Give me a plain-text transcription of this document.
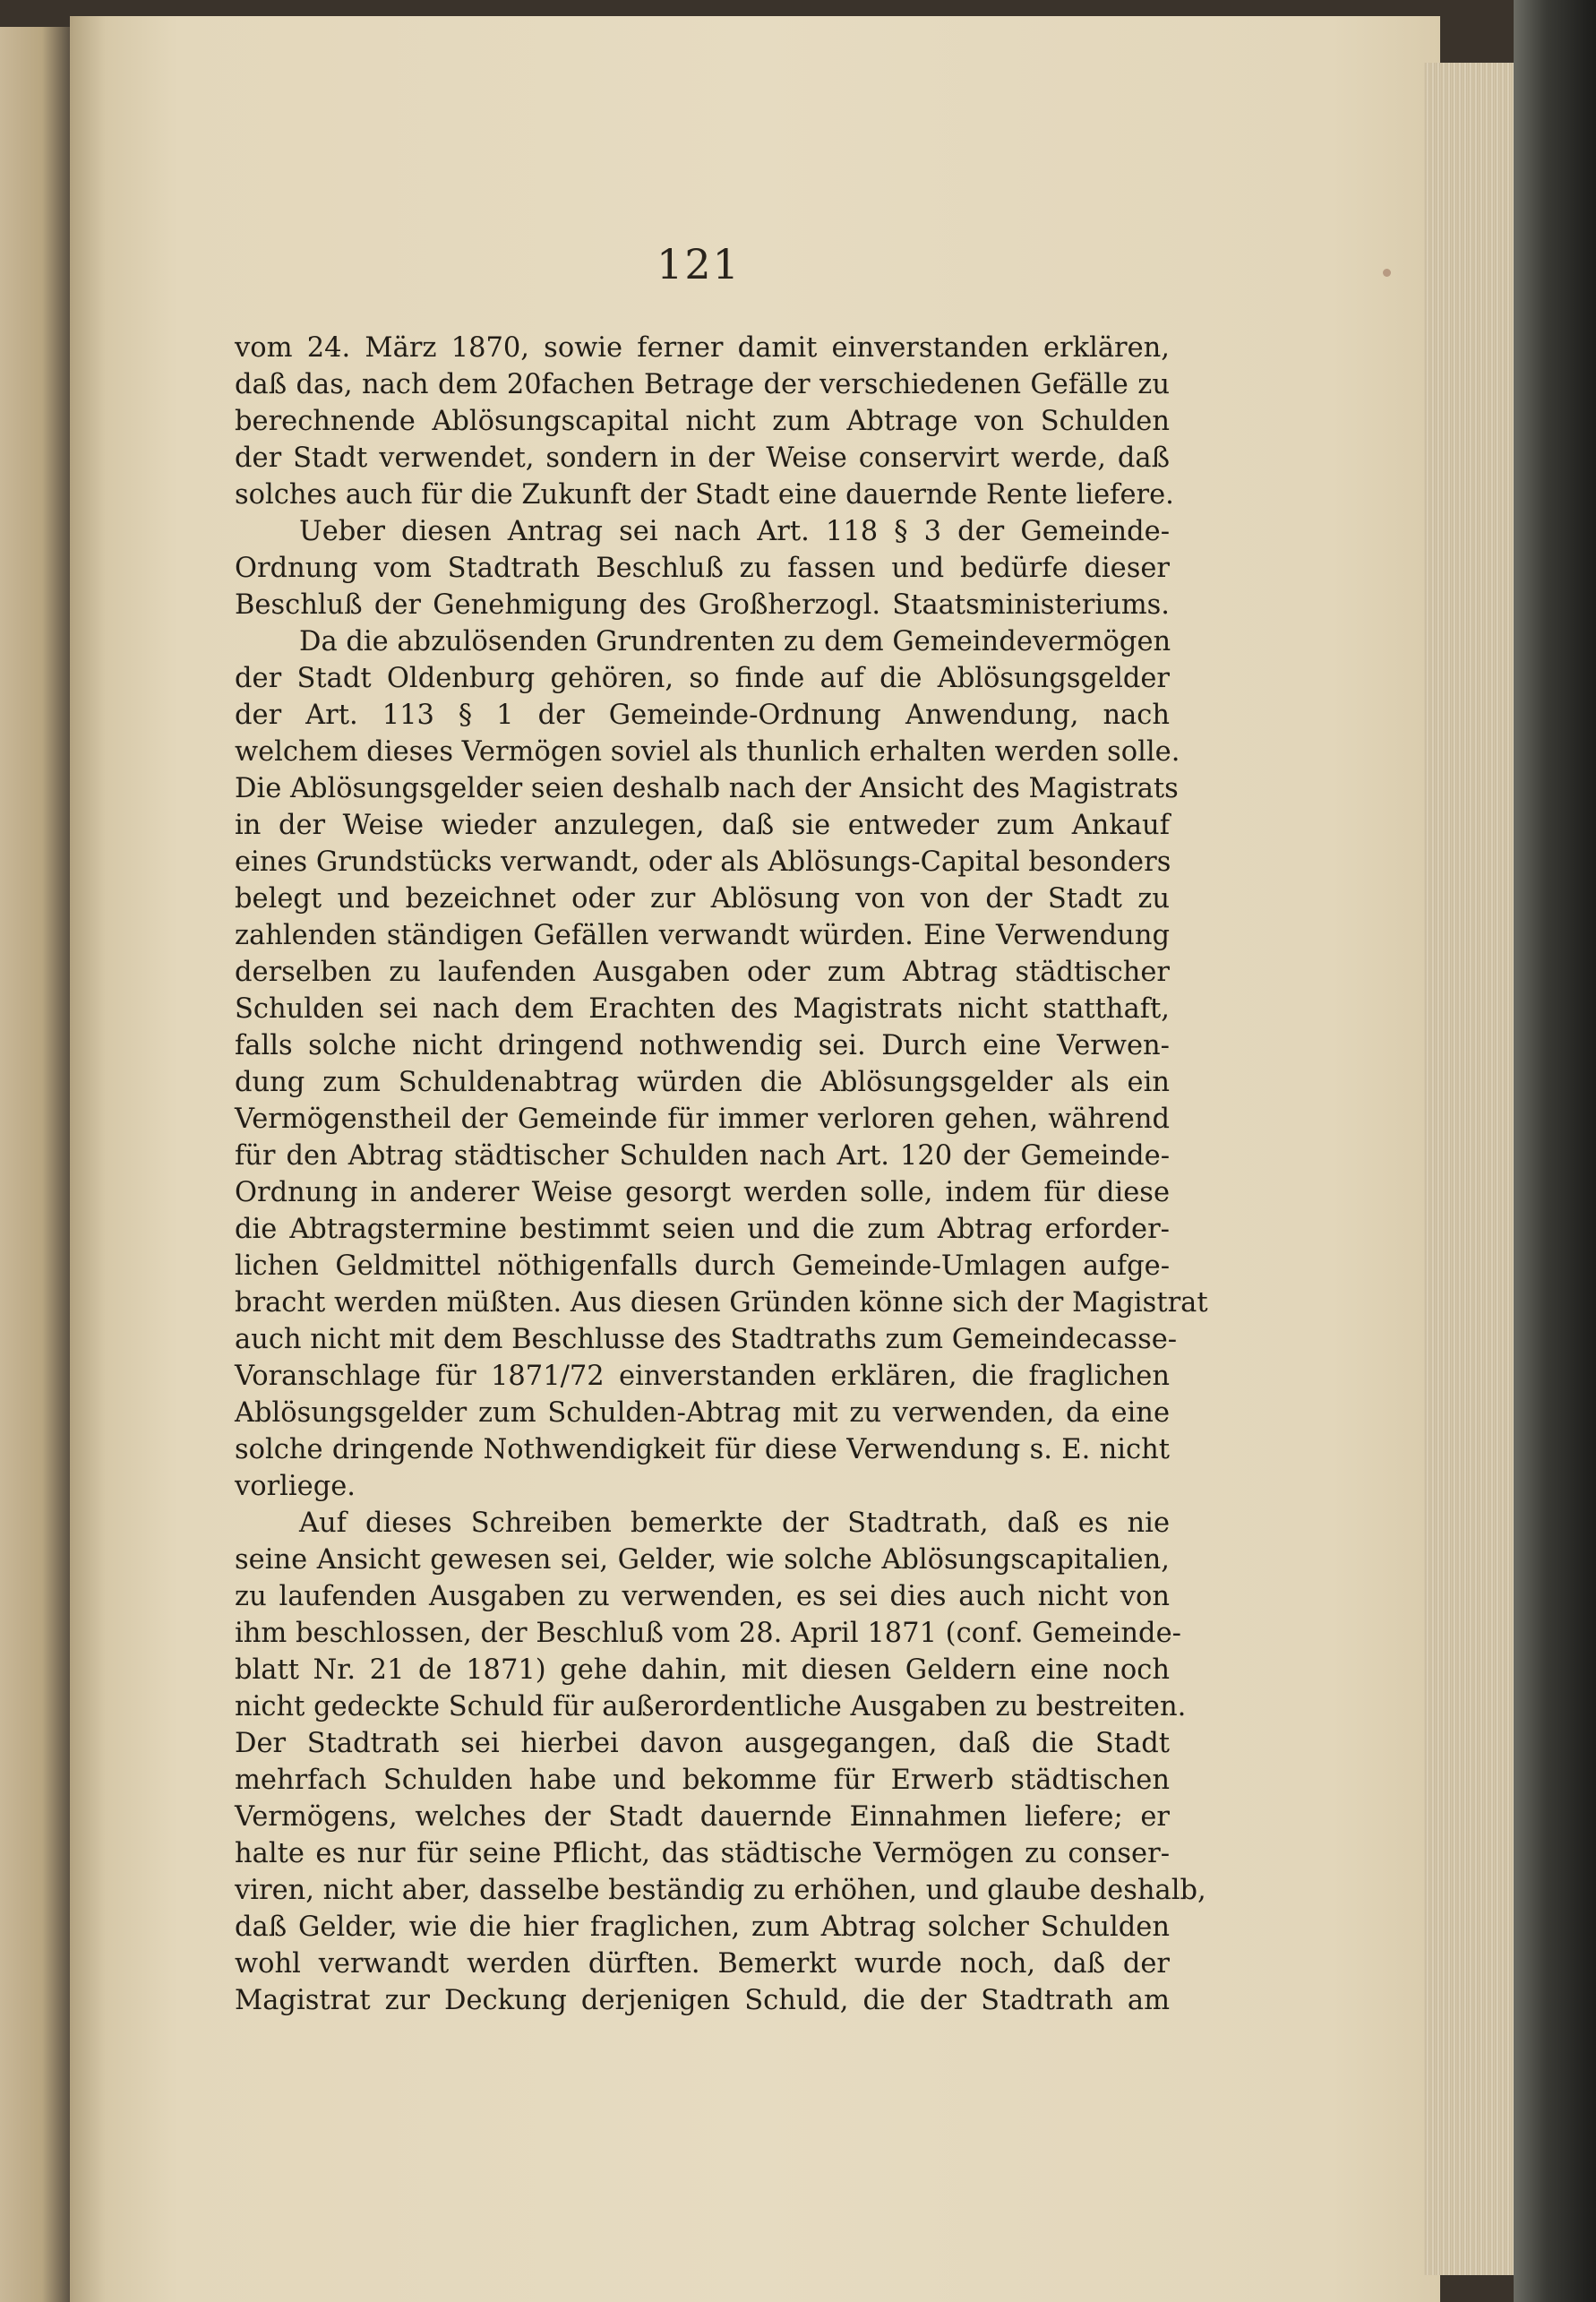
121
vom 24. März 1870, sowie ferner damit einverstanden erklären,
daß das, nach dem 20fachen Betrage der verschiedenen Gefälle zu
berechnende Ablösungscapital nicht zum Abtrage von Schulden
der Stadt verwendet, sondern in der Weise conservirt werde, daß
solches auch für die Zukunft der Stadt eine dauernde Rente liefere.
Ueber diesen Antrag sei nach Art. 118 § 3 der Gemeinde-
Ordnung vom Stadtrath Beschluß zu fassen und bedürfe dieser
Beschluß der Genehmigung des Großherzogl. Staatsministeriums.
Da die abzulösenden Grundrenten zu dem Gemeindevermögen
der Stadt Oldenburg gehören, so finde auf die Ablösungsgelder
der Art. 113 § 1 der Gemeinde-Ordnung Anwendung, nach
welchem dieses Vermögen soviel als thunlich erhalten werden solle.
Die Ablösungsgelder seien deshalb nach der Ansicht des Magistrats
in der Weise wieder anzulegen, daß sie entweder zum Ankauf
eines Grundstücks verwandt, oder als Ablösungs-Capital besonders
belegt und bezeichnet oder zur Ablösung von von der Stadt zu
zahlenden ständigen Gefällen verwandt würden. Eine Verwendung
derselben zu laufenden Ausgaben oder zum Abtrag städtischer
Schulden sei nach dem Erachten des Magistrats nicht statthaft,
falls solche nicht dringend nothwendig sei. Durch eine Verwen-
dung zum Schuldenabtrag würden die Ablösungsgelder als ein
Vermögenstheil der Gemeinde für immer verloren gehen, während
für den Abtrag städtischer Schulden nach Art. 120 der Gemeinde-
Ordnung in anderer Weise gesorgt werden solle, indem für diese
die Abtragstermine bestimmt seien und die zum Abtrag erforder-
lichen Geldmittel nöthigenfalls durch Gemeinde-Umlagen aufge-
bracht werden müßten. Aus diesen Gründen könne sich der Magistrat
auch nicht mit dem Beschlusse des Stadtraths zum Gemeindecasse-
Voranschlage für 1871/72 einverstanden erklären, die fraglichen
Ablösungsgelder zum Schulden-Abtrag mit zu verwenden, da eine
solche dringende Nothwendigkeit für diese Verwendung s. E. nicht
vorliege.
Auf dieses Schreiben bemerkte der Stadtrath, daß es nie
seine Ansicht gewesen sei, Gelder, wie solche Ablösungscapitalien,
zu laufenden Ausgaben zu verwenden, es sei dies auch nicht von
ihm beschlossen, der Beschluß vom 28. April 1871 (conf. Gemeinde-
blatt Nr. 21 de 1871) gehe dahin, mit diesen Geldern eine noch
nicht gedeckte Schuld für außerordentliche Ausgaben zu bestreiten.
Der Stadtrath sei hierbei davon ausgegangen, daß die Stadt
mehrfach Schulden habe und bekomme für Erwerb städtischen
Vermögens, welches der Stadt dauernde Einnahmen liefere; er
halte es nur für seine Pflicht, das städtische Vermögen zu conser-
viren, nicht aber, dasselbe beständig zu erhöhen, und glaube deshalb,
daß Gelder, wie die hier fraglichen, zum Abtrag solcher Schulden
wohl verwandt werden dürften. Bemerkt wurde noch, daß der
Magistrat zur Deckung derjenigen Schuld, die der Stadtrath am
